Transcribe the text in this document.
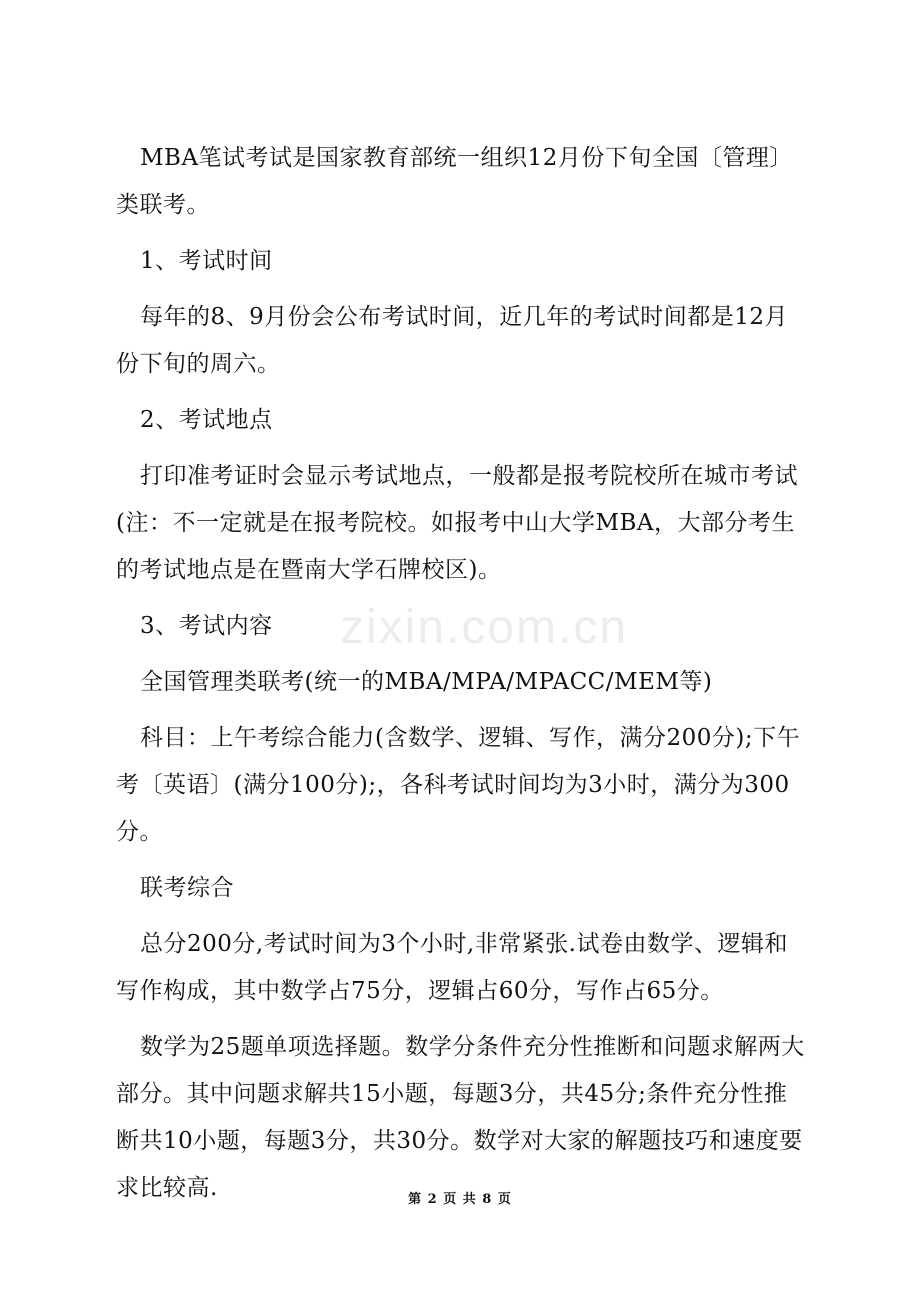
zixin.com.cn

MBA笔试考试是国家教育部统一组织12月份下旬全国〔管理〕类联考。

1、考试时间

每年的8、9月份会公布考试时间，近几年的考试时间都是12月份下旬的周六。

2、考试地点

打印准考证时会显示考试地点，一般都是报考院校所在城市考试(注：不一定就是在报考院校。如报考中山大学MBA，大部分考生的考试地点是在暨南大学石牌校区)。

3、考试内容

全国管理类联考(统一的MBA/MPA/MPACC/MEM等)

科目：上午考综合能力(含数学、逻辑、写作，满分200分);下午考〔英语〕(满分100分);，各科考试时间均为3小时，满分为300分。

联考综合

总分200分,考试时间为3个小时,非常紧张.试卷由数学、逻辑和写作构成，其中数学占75分，逻辑占60分，写作占65分。

数学为25题单项选择题。数学分条件充分性推断和问题求解两大部分。其中问题求解共15小题，每题3分，共45分;条件充分性推断共10小题，每题3分，共30分。数学对大家的解题技巧和速度要求比较高.	第 2 页 共 8 页
